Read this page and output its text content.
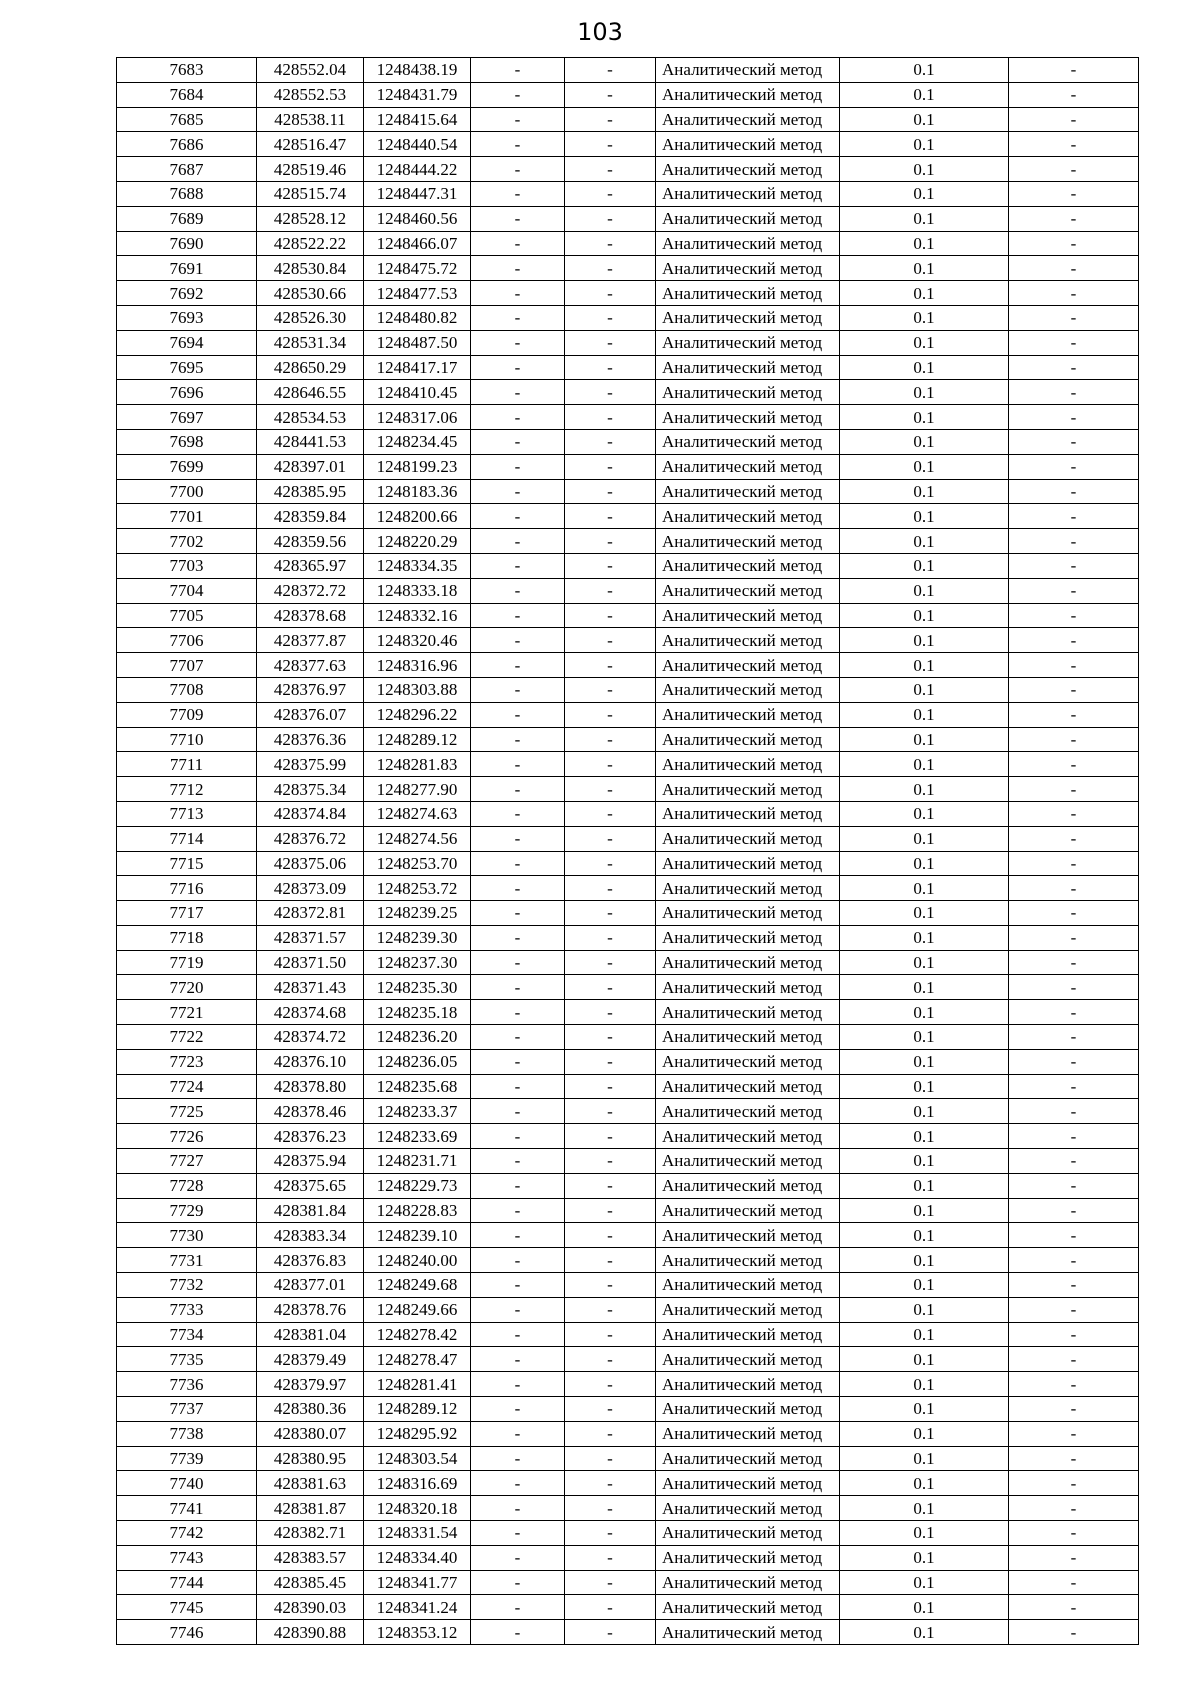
103
7683	428552.04	1248438.19	-	-	Аналитический метод	0.1	-
7684	428552.53	1248431.79	-	-	Аналитический метод	0.1	-
7685	428538.11	1248415.64	-	-	Аналитический метод	0.1	-
7686	428516.47	1248440.54	-	-	Аналитический метод	0.1	-
7687	428519.46	1248444.22	-	-	Аналитический метод	0.1	-
7688	428515.74	1248447.31	-	-	Аналитический метод	0.1	-
7689	428528.12	1248460.56	-	-	Аналитический метод	0.1	-
7690	428522.22	1248466.07	-	-	Аналитический метод	0.1	-
7691	428530.84	1248475.72	-	-	Аналитический метод	0.1	-
7692	428530.66	1248477.53	-	-	Аналитический метод	0.1	-
7693	428526.30	1248480.82	-	-	Аналитический метод	0.1	-
7694	428531.34	1248487.50	-	-	Аналитический метод	0.1	-
7695	428650.29	1248417.17	-	-	Аналитический метод	0.1	-
7696	428646.55	1248410.45	-	-	Аналитический метод	0.1	-
7697	428534.53	1248317.06	-	-	Аналитический метод	0.1	-
7698	428441.53	1248234.45	-	-	Аналитический метод	0.1	-
7699	428397.01	1248199.23	-	-	Аналитический метод	0.1	-
7700	428385.95	1248183.36	-	-	Аналитический метод	0.1	-
7701	428359.84	1248200.66	-	-	Аналитический метод	0.1	-
7702	428359.56	1248220.29	-	-	Аналитический метод	0.1	-
7703	428365.97	1248334.35	-	-	Аналитический метод	0.1	-
7704	428372.72	1248333.18	-	-	Аналитический метод	0.1	-
7705	428378.68	1248332.16	-	-	Аналитический метод	0.1	-
7706	428377.87	1248320.46	-	-	Аналитический метод	0.1	-
7707	428377.63	1248316.96	-	-	Аналитический метод	0.1	-
7708	428376.97	1248303.88	-	-	Аналитический метод	0.1	-
7709	428376.07	1248296.22	-	-	Аналитический метод	0.1	-
7710	428376.36	1248289.12	-	-	Аналитический метод	0.1	-
7711	428375.99	1248281.83	-	-	Аналитический метод	0.1	-
7712	428375.34	1248277.90	-	-	Аналитический метод	0.1	-
7713	428374.84	1248274.63	-	-	Аналитический метод	0.1	-
7714	428376.72	1248274.56	-	-	Аналитический метод	0.1	-
7715	428375.06	1248253.70	-	-	Аналитический метод	0.1	-
7716	428373.09	1248253.72	-	-	Аналитический метод	0.1	-
7717	428372.81	1248239.25	-	-	Аналитический метод	0.1	-
7718	428371.57	1248239.30	-	-	Аналитический метод	0.1	-
7719	428371.50	1248237.30	-	-	Аналитический метод	0.1	-
7720	428371.43	1248235.30	-	-	Аналитический метод	0.1	-
7721	428374.68	1248235.18	-	-	Аналитический метод	0.1	-
7722	428374.72	1248236.20	-	-	Аналитический метод	0.1	-
7723	428376.10	1248236.05	-	-	Аналитический метод	0.1	-
7724	428378.80	1248235.68	-	-	Аналитический метод	0.1	-
7725	428378.46	1248233.37	-	-	Аналитический метод	0.1	-
7726	428376.23	1248233.69	-	-	Аналитический метод	0.1	-
7727	428375.94	1248231.71	-	-	Аналитический метод	0.1	-
7728	428375.65	1248229.73	-	-	Аналитический метод	0.1	-
7729	428381.84	1248228.83	-	-	Аналитический метод	0.1	-
7730	428383.34	1248239.10	-	-	Аналитический метод	0.1	-
7731	428376.83	1248240.00	-	-	Аналитический метод	0.1	-
7732	428377.01	1248249.68	-	-	Аналитический метод	0.1	-
7733	428378.76	1248249.66	-	-	Аналитический метод	0.1	-
7734	428381.04	1248278.42	-	-	Аналитический метод	0.1	-
7735	428379.49	1248278.47	-	-	Аналитический метод	0.1	-
7736	428379.97	1248281.41	-	-	Аналитический метод	0.1	-
7737	428380.36	1248289.12	-	-	Аналитический метод	0.1	-
7738	428380.07	1248295.92	-	-	Аналитический метод	0.1	-
7739	428380.95	1248303.54	-	-	Аналитический метод	0.1	-
7740	428381.63	1248316.69	-	-	Аналитический метод	0.1	-
7741	428381.87	1248320.18	-	-	Аналитический метод	0.1	-
7742	428382.71	1248331.54	-	-	Аналитический метод	0.1	-
7743	428383.57	1248334.40	-	-	Аналитический метод	0.1	-
7744	428385.45	1248341.77	-	-	Аналитический метод	0.1	-
7745	428390.03	1248341.24	-	-	Аналитический метод	0.1	-
7746	428390.88	1248353.12	-	-	Аналитический метод	0.1	-
